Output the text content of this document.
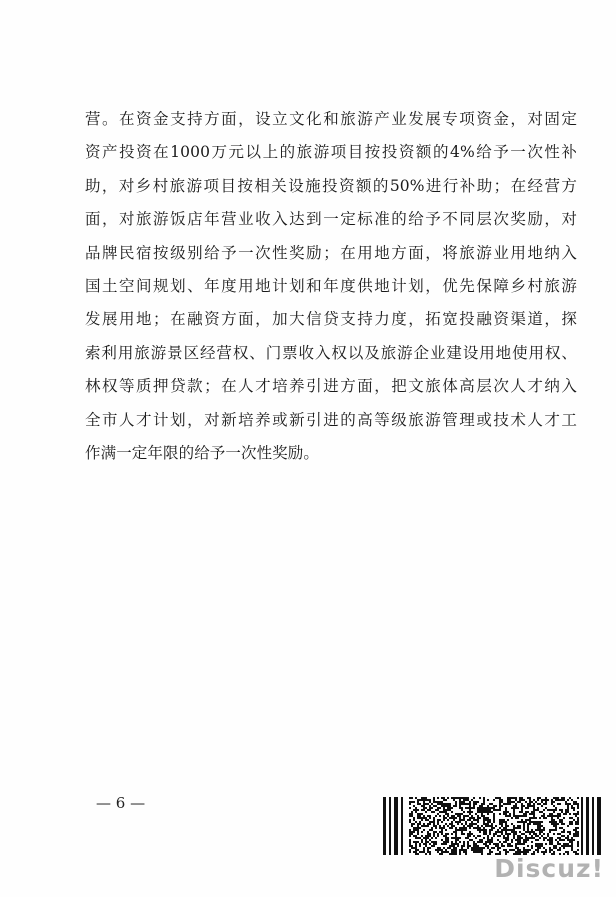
营。在资金支持方面，设立文化和旅游产业发展专项资金，对固定
资产投资在1000万元以上的旅游项目按投资额的4%给予一次性补
助，对乡村旅游项目按相关设施投资额的50%进行补助；在经营方
面，对旅游饭店年营业收入达到一定标准的给予不同层次奖励，对
品牌民宿按级别给予一次性奖励；在用地方面，将旅游业用地纳入
国土空间规划、年度用地计划和年度供地计划，优先保障乡村旅游
发展用地；在融资方面，加大信贷支持力度，拓宽投融资渠道，探
索利用旅游景区经营权、门票收入权以及旅游企业建设用地使用权、
林权等质押贷款；在人才培养引进方面，把文旅体高层次人才纳入
全市人才计划，对新培养或新引进的高等级旅游管理或技术人才工
作满一定年限的给予一次性奖励。
— 6 —
Discuz!
